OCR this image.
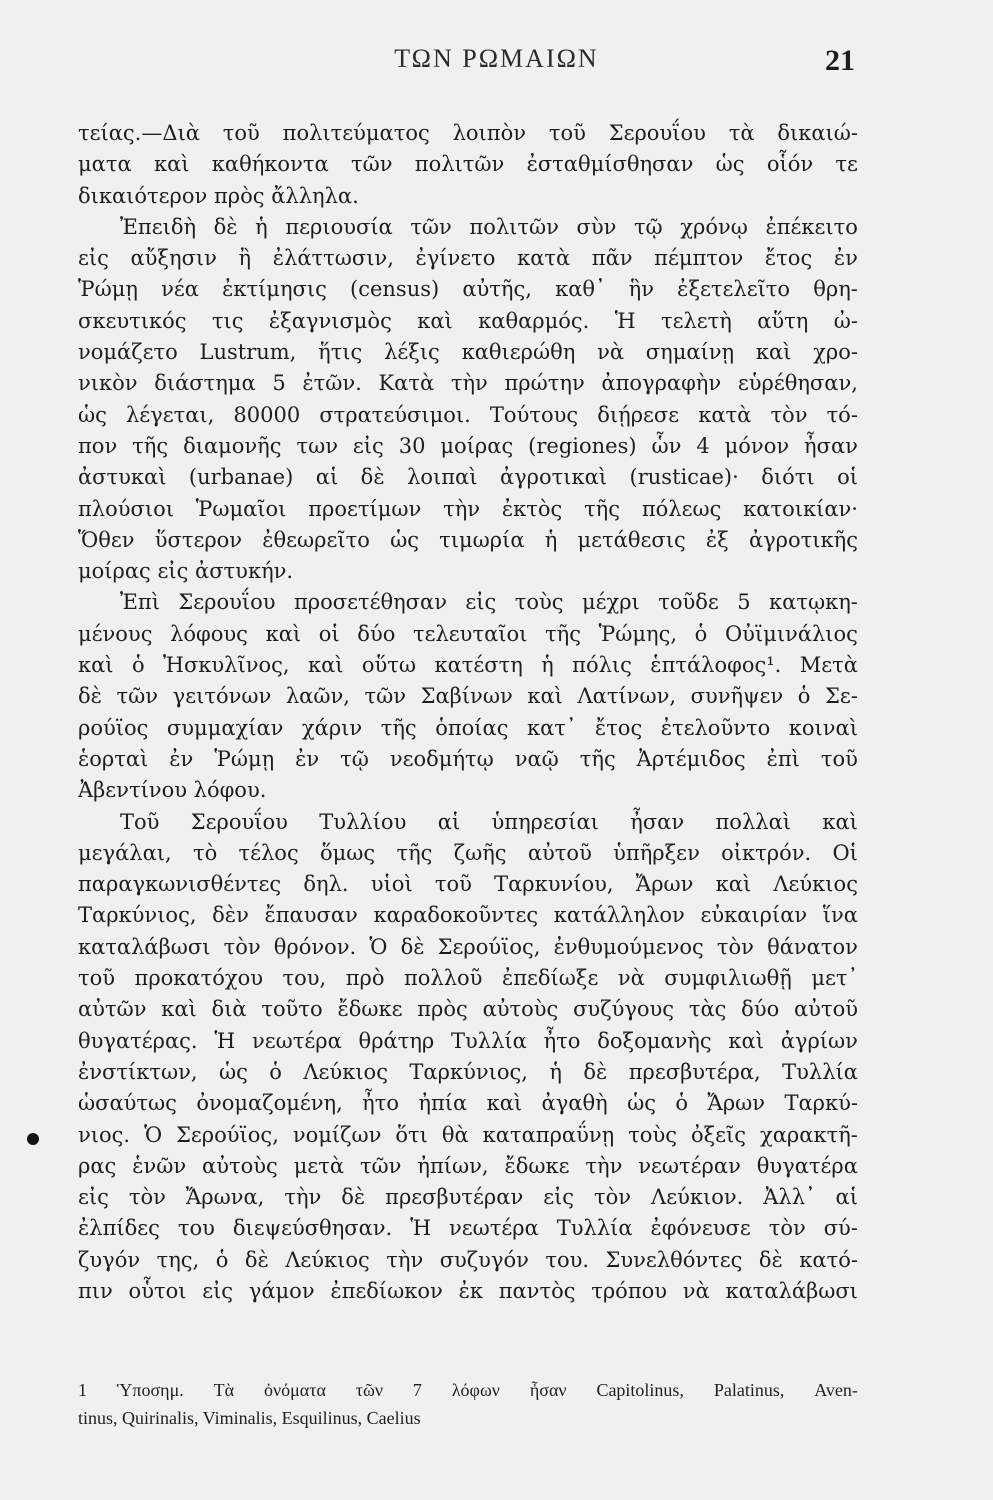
ΤΩΝ ΡΩΜΑΙΩΝ	21
τείας.—Διὰ τοῦ πολιτεύματος λοιπὸν τοῦ Σερουΐου τὰ δικαιώ-
ματα καὶ καθήκοντα τῶν πολιτῶν ἐσταθμίσθησαν ὡς οἷόν τε
δικαιότερον πρὸς ἄλληλα.
Ἐπειδὴ δὲ ἡ περιουσία τῶν πολιτῶν σὺν τῷ χρόνῳ ἐπέκειτο
εἰς αὔξησιν ἢ ἐλάττωσιν, ἐγίνετο κατὰ πᾶν πέμπτον ἔτος ἐν
Ῥώμῃ νέα ἐκτίμησις (census) αὐτῆς, καθ᾽ ἣν ἐξετελεῖτο θρη-
σκευτικός τις ἐξαγνισμὸς καὶ καθαρμός. Ἡ τελετὴ αὕτη ὠ-
νομάζετο Lustrum, ἥτις λέξις καθιερώθη νὰ σημαίνῃ καὶ χρο-
νικὸν διάστημα 5 ἐτῶν. Κατὰ τὴν πρώτην ἀπογραφὴν εὑρέθησαν,
ὡς λέγεται, 80000 στρατεύσιμοι. Τούτους διῄρεσε κατὰ τὸν τό-
πον τῆς διαμονῆς των εἰς 30 μοίρας (regiones) ὧν 4 μόνον ἦσαν
ἀστυκαὶ (urbanae) αἱ δὲ λοιπαὶ ἀγροτικαὶ (rusticae)· διότι οἱ
πλούσιοι Ῥωμαῖοι προετίμων τὴν ἐκτὸς τῆς πόλεως κατοικίαν·
Ὅθεν ὕστερον ἐθεωρεῖτο ὡς τιμωρία ἡ μετάθεσις ἐξ ἀγροτικῆς
μοίρας εἰς ἀστυκήν.
Ἐπὶ Σερουΐου προσετέθησαν εἰς τοὺς μέχρι τοῦδε 5 κατῳκη-
μένους λόφους καὶ οἱ δύο τελευταῖοι τῆς Ῥώμης, ὁ Οὐϊμινάλιος
καὶ ὁ Ἠσκυλῖνος, καὶ οὕτω κατέστη ἡ πόλις ἑπτάλοφος¹. Μετὰ
δὲ τῶν γειτόνων λαῶν, τῶν Σαβίνων καὶ Λατίνων, συνῆψεν ὁ Σε-
ρούϊος συμμαχίαν χάριν τῆς ὁποίας κατ᾽ ἔτος ἐτελοῦντο κοιναὶ
ἑορταὶ ἐν Ῥώμῃ ἐν τῷ νεοδμήτῳ ναῷ τῆς Ἀρτέμιδος ἐπὶ τοῦ
Ἀβεντίνου λόφου.
Τοῦ Σερουΐου Τυλλίου αἱ ὑπηρεσίαι ἦσαν πολλαὶ καὶ
μεγάλαι, τὸ τέλος ὅμως τῆς ζωῆς αὐτοῦ ὑπῆρξεν οἰκτρόν. Οἱ
παραγκωνισθέντες δηλ. υἱοὶ τοῦ Ταρκυνίου, Ἄρων καὶ Λεύκιος
Ταρκύνιος, δὲν ἔπαυσαν καραδοκοῦντες κατάλληλον εὐκαιρίαν ἵνα
καταλάβωσι τὸν θρόνον. Ὁ δὲ Σερούϊος, ἐνθυμούμενος τὸν θάνατον
τοῦ προκατόχου του, πρὸ πολλοῦ ἐπεδίωξε νὰ συμφιλιωθῇ μετ᾽
αὐτῶν καὶ διὰ τοῦτο ἔδωκε πρὸς αὐτοὺς συζύγους τὰς δύο αὐτοῦ
θυγατέρας. Ἡ νεωτέρα θράτηρ Τυλλία ἦτο δοξομανὴς καὶ ἀγρίων
ἐνστίκτων, ὡς ὁ Λεύκιος Ταρκύνιος, ἡ δὲ πρεσβυτέρα, Τυλλία
ὡσαύτως ὀνομαζομένη, ἦτο ἠπία καὶ ἀγαθὴ ὡς ὁ Ἄρων Ταρκύ-
νιος. Ὁ Σερούϊος, νομίζων ὅτι θὰ καταπραΰνῃ τοὺς ὀξεῖς χαρακτῆ-
ρας ἑνῶν αὐτοὺς μετὰ τῶν ἠπίων, ἔδωκε τὴν νεωτέραν θυγατέρα
εἰς τὸν Ἄρωνα, τὴν δὲ πρεσβυτέραν εἰς τὸν Λεύκιον. Ἀλλ᾽ αἱ
ἐλπίδες του διεψεύσθησαν. Ἡ νεωτέρα Τυλλία ἐφόνευσε τὸν σύ-
ζυγόν της, ὁ δὲ Λεύκιος τὴν συζυγόν του. Συνελθόντες δὲ κατό-
πιν οὗτοι εἰς γάμον ἐπεδίωκον ἐκ παντὸς τρόπου νὰ καταλάβωσι
1 Ὑποσημ. Τὰ ὀνόματα τῶν 7 λόφων ἦσαν Capitolinus, Palatinus, Aven-
tinus, Quirinalis, Viminalis, Esquilinus, Caelius
